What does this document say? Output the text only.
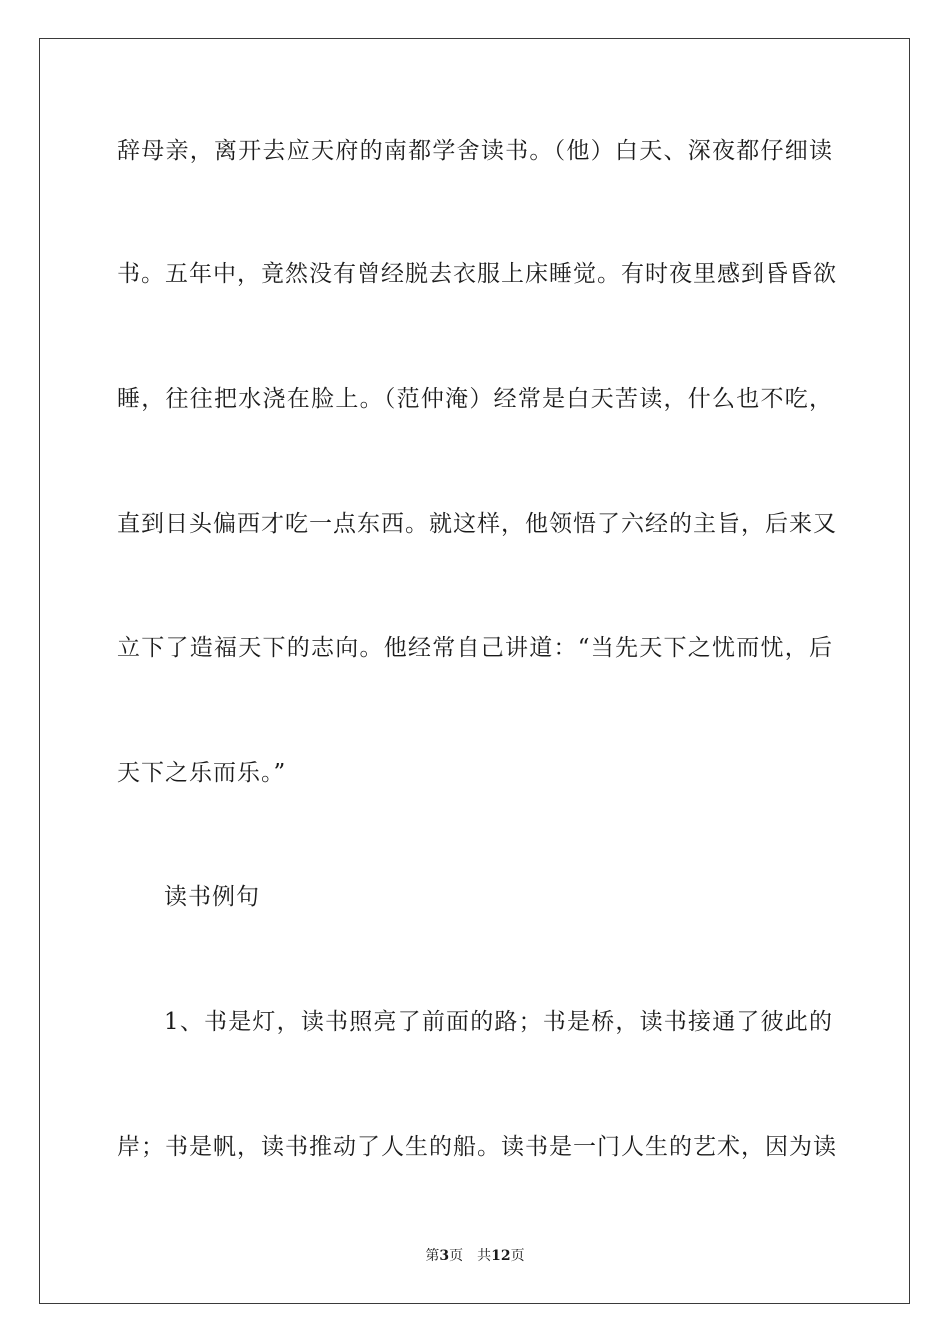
辞母亲，离开去应天府的南都学舍读书。（他）白天、深夜都仔细读
书。五年中，竟然没有曾经脱去衣服上床睡觉。有时夜里感到昏昏欲
睡，往往把水浇在脸上。（范仲淹）经常是白天苦读，什么也不吃，
直到日头偏西才吃一点东西。就这样，他领悟了六经的主旨，后来又
立下了造福天下的志向。他经常自己讲道：“当先天下之忧而忧，后
天下之乐而乐。”
读书例句
1、书是灯，读书照亮了前面的路；书是桥，读书接通了彼此的
岸；书是帆，读书推动了人生的船。读书是一门人生的艺术，因为读
第3页 共12页
